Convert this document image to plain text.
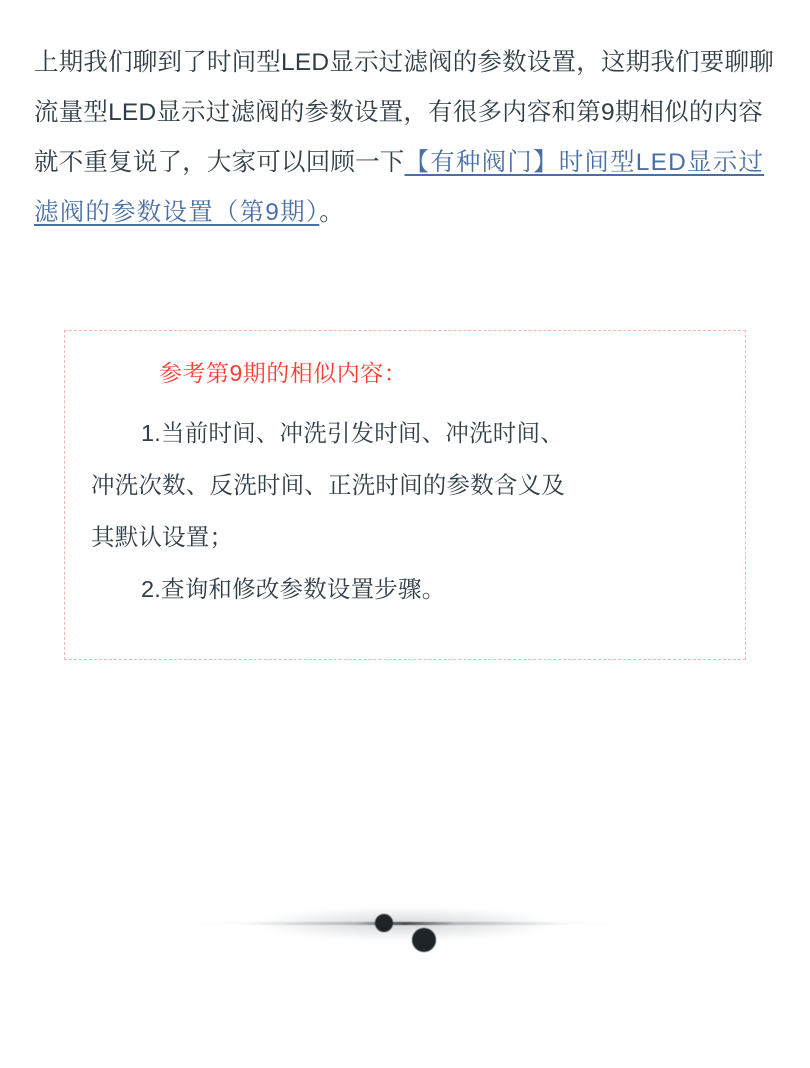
上期我们聊到了时间型LED显示过滤阀的参数设置，这期我们要聊聊流量型LED显示过滤阀的参数设置，有很多内容和第9期相似的内容就不重复说了，大家可以回顾一下【有种阀门】时间型LED显示过滤阀的参数设置（第9期）。
参考第9期的相似内容：

1.当前时间、冲洗引发时间、冲洗时间、

冲洗次数、反洗时间、正洗时间的参数含义及

其默认设置；

2.查询和修改参数设置步骤。
